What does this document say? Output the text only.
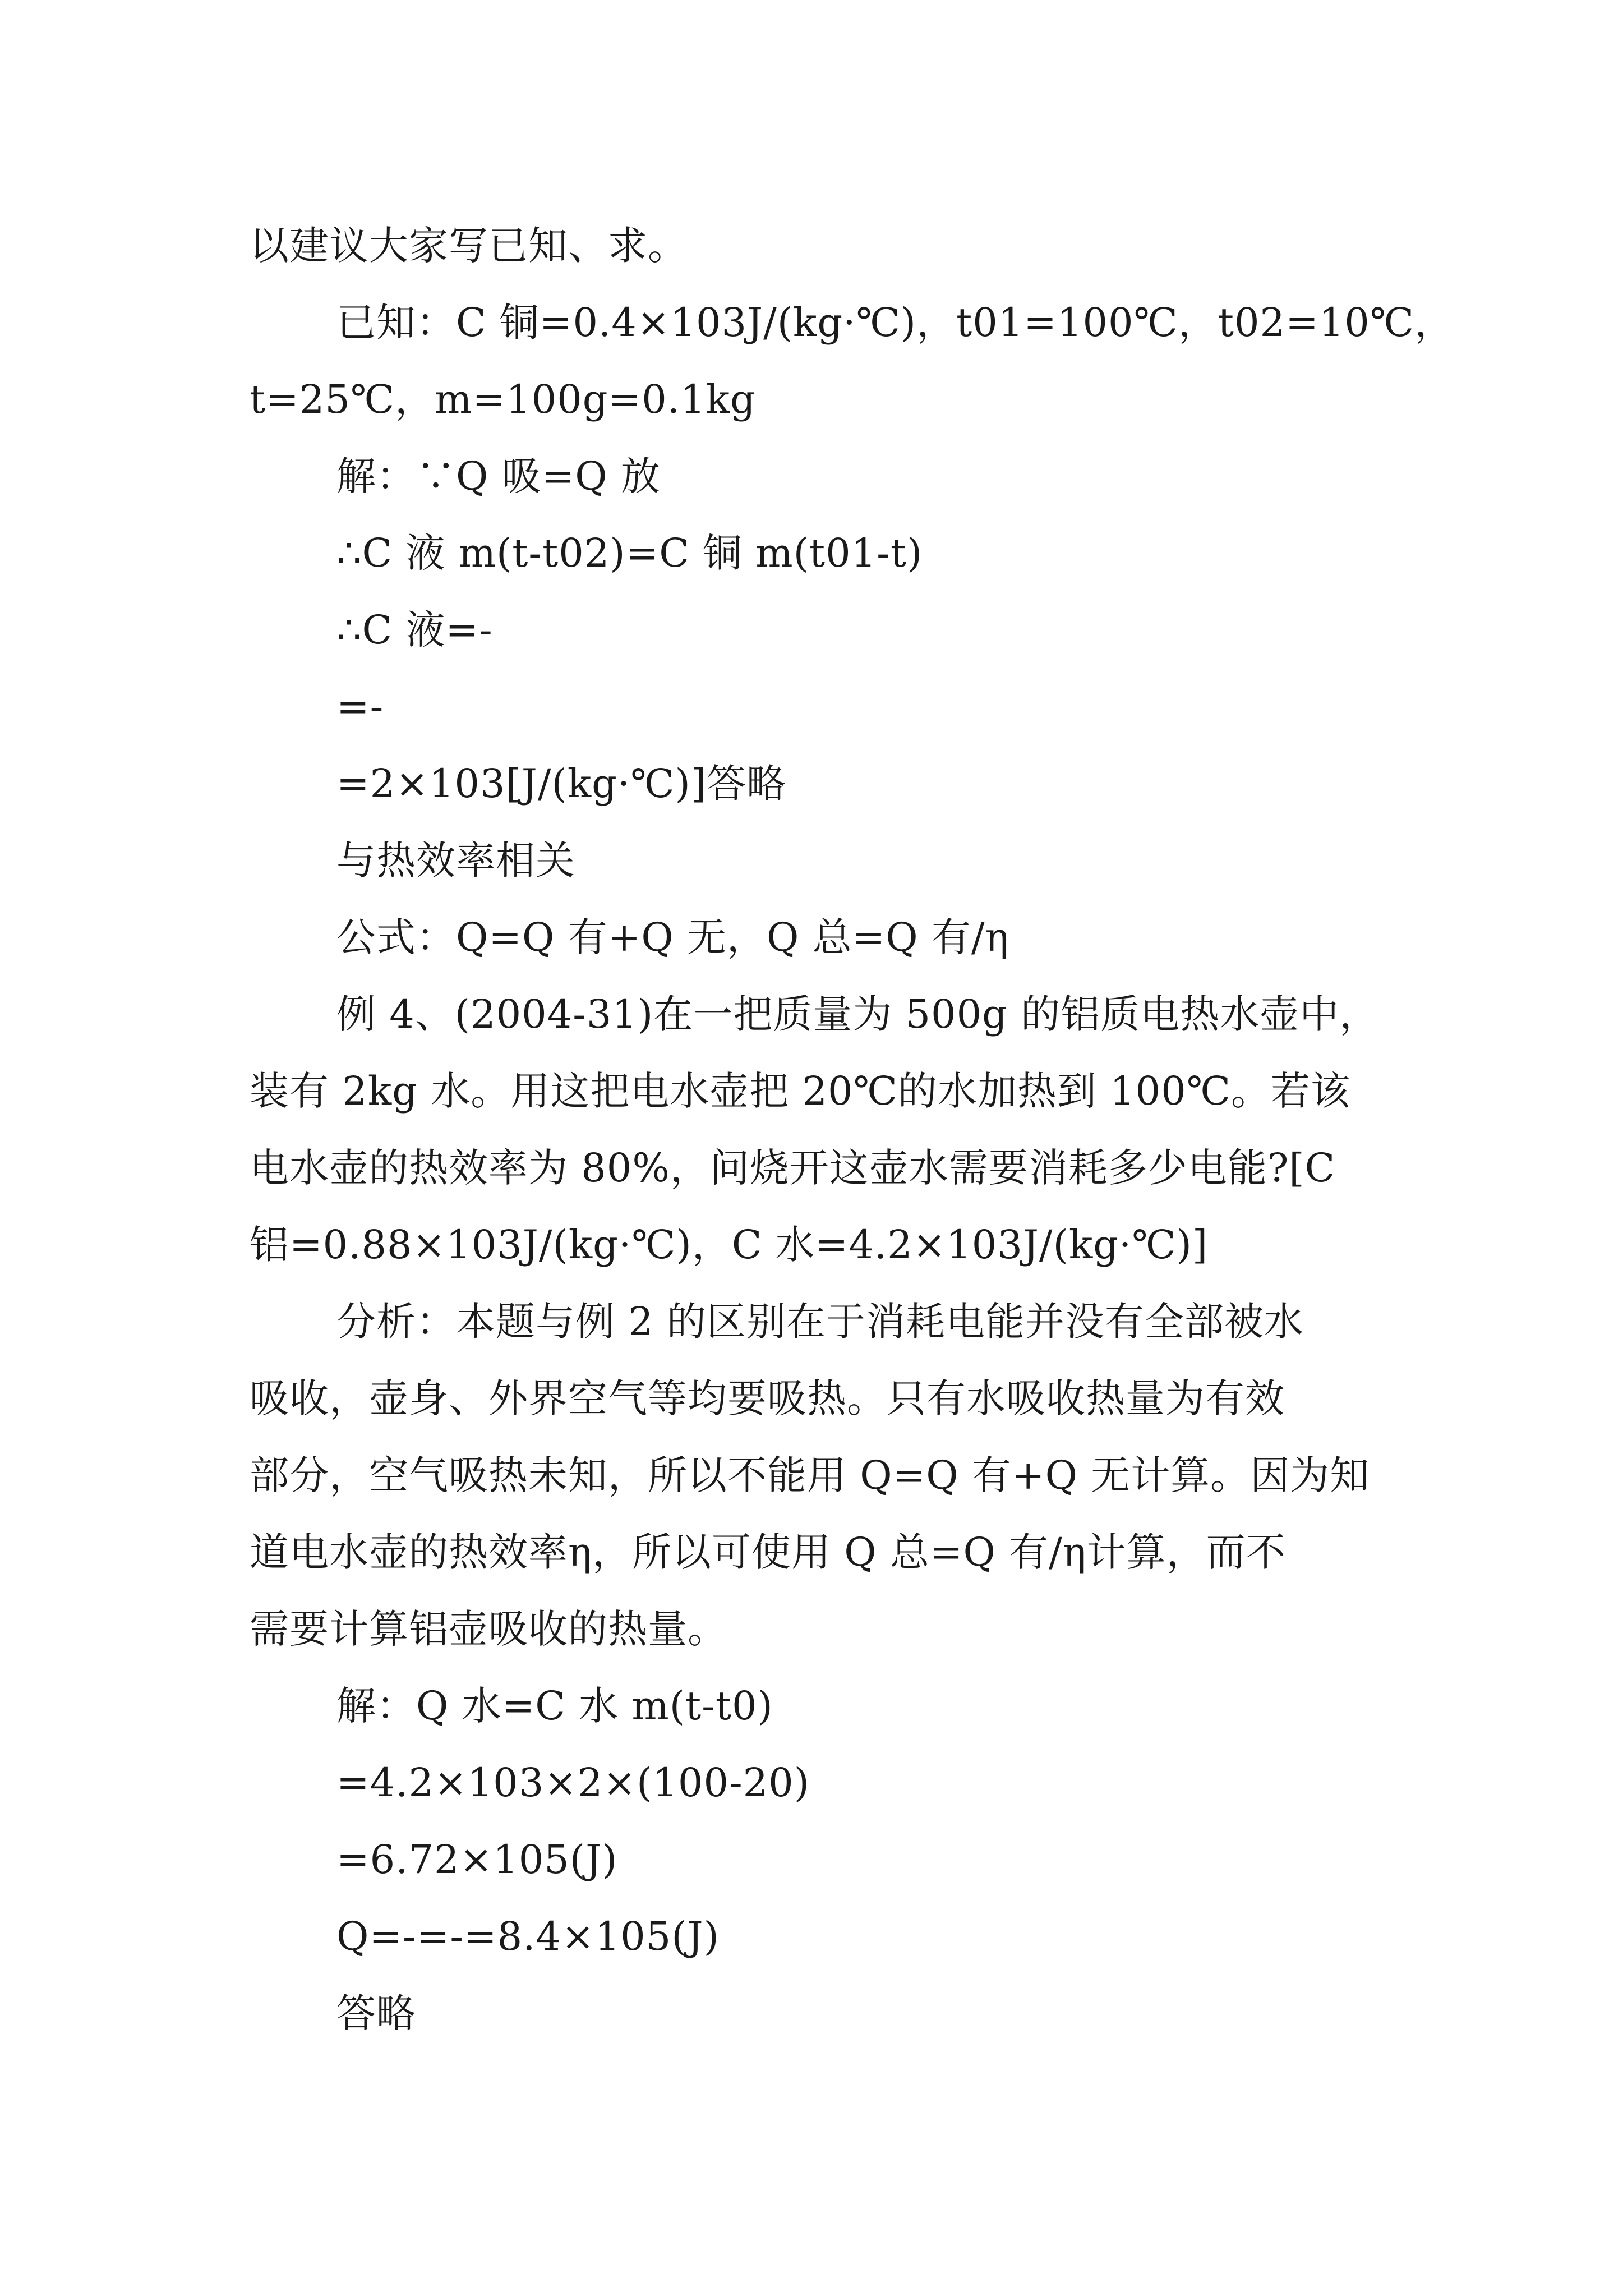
以建议大家写已知、求。
已知：C 铜=0.4×103J/(kg·℃)，t01=100℃，t02=10℃，
t=25℃，m=100g=0.1kg
解：∵Q 吸=Q 放
∴C 液 m(t-t02)=C 铜 m(t01-t)
∴C 液=-
=-
=2×103[J/(kg·℃)]答略
与热效率相关
公式：Q=Q 有+Q 无，Q 总=Q 有/η
例 4、(2004-31)在一把质量为 500g 的铝质电热水壶中，
装有 2kg 水。用这把电水壶把 20℃的水加热到 100℃。若该
电水壶的热效率为 80%，问烧开这壶水需要消耗多少电能?[C
铝=0.88×103J/(kg·℃)，C 水=4.2×103J/(kg·℃)]
分析：本题与例 2 的区别在于消耗电能并没有全部被水
吸收，壶身、外界空气等均要吸热。只有水吸收热量为有效
部分，空气吸热未知，所以不能用 Q=Q 有+Q 无计算。因为知
道电水壶的热效率η，所以可使用 Q 总=Q 有/η计算，而不
需要计算铝壶吸收的热量。
解：Q 水=C 水 m(t-t0)
=4.2×103×2×(100-20)
=6.72×105(J)
Q=-=-=8.4×105(J)
答略
